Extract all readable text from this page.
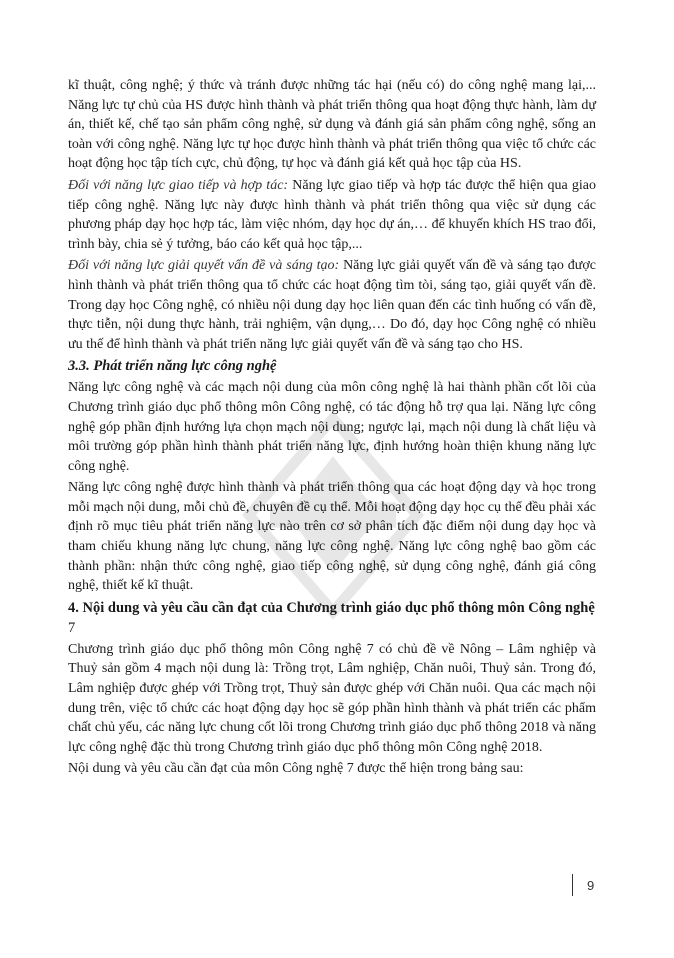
kĩ thuật, công nghệ; ý thức và tránh được những tác hại (nếu có) do công nghệ mang lại,... Năng lực tự chủ của HS được hình thành và phát triển thông qua hoạt động thực hành, làm dự án, thiết kế, chế tạo sản phẩm công nghệ, sử dụng và đánh giá sản phẩm công nghệ, sống an toàn với công nghệ. Năng lực tự học được hình thành và phát triển thông qua việc tổ chức các hoạt động học tập tích cực, chủ động, tự học và đánh giá kết quả học tập của HS.

Đối với năng lực giao tiếp và hợp tác: Năng lực giao tiếp và hợp tác được thể hiện qua giao tiếp công nghệ. Năng lực này được hình thành và phát triển thông qua việc sử dụng các phương pháp dạy học hợp tác, làm việc nhóm, dạy học dự án,… để khuyến khích HS trao đổi, trình bày, chia sẻ ý tưởng, báo cáo kết quả học tập,...

Đối với năng lực giải quyết vấn đề và sáng tạo: Năng lực giải quyết vấn đề và sáng tạo được hình thành và phát triển thông qua tổ chức các hoạt động tìm tòi, sáng tạo, giải quyết vấn đề. Trong dạy học Công nghệ, có nhiều nội dung dạy học liên quan đến các tình huống có vấn đề, thực tiễn, nội dung thực hành, trải nghiệm, vận dụng,… Do đó, dạy học Công nghệ có nhiều ưu thế để hình thành và phát triển năng lực giải quyết vấn đề và sáng tạo cho HS.

3.3. Phát triển năng lực công nghệ

Năng lực công nghệ và các mạch nội dung của môn công nghệ là hai thành phần cốt lõi của Chương trình giáo dục phổ thông môn Công nghệ, có tác động hỗ trợ qua lại. Năng lực công nghệ góp phần định hướng lựa chọn mạch nội dung; ngược lại, mạch nội dung là chất liệu và môi trường góp phần hình thành phát triển năng lực, định hướng hoàn thiện khung năng lực công nghệ.

Năng lực công nghệ được hình thành và phát triển thông qua các hoạt động dạy và học trong mỗi mạch nội dung, mỗi chủ đề, chuyên đề cụ thể. Mỗi hoạt động dạy học cụ thể đều phải xác định rõ mục tiêu phát triển năng lực nào trên cơ sở phân tích đặc điểm nội dung dạy học và tham chiếu khung năng lực chung, năng lực công nghệ. Năng lực công nghệ bao gồm các thành phần: nhận thức công nghệ, giao tiếp công nghệ, sử dụng công nghệ, đánh giá công nghệ, thiết kế kĩ thuật.

4. Nội dung và yêu cầu cần đạt của Chương trình giáo dục phổ thông môn Công nghệ 7

Chương trình giáo dục phổ thông môn Công nghệ 7 có chủ đề về Nông – Lâm nghiệp và Thuỷ sản gồm 4 mạch nội dung là: Trồng trọt, Lâm nghiệp, Chăn nuôi, Thuỷ sản. Trong đó, Lâm nghiệp được ghép với Trồng trọt, Thuỷ sản được ghép với Chăn nuôi. Qua các mạch nội dung trên, việc tổ chức các hoạt động dạy học sẽ góp phần hình thành và phát triển các phẩm chất chủ yếu, các năng lực chung cốt lõi trong Chương trình giáo dục phổ thông 2018 và năng lực công nghệ đặc thù trong Chương trình giáo dục phổ thông môn Công nghệ 2018.

Nội dung và yêu cầu cần đạt của môn Công nghệ 7 được thể hiện trong bảng sau:

9
